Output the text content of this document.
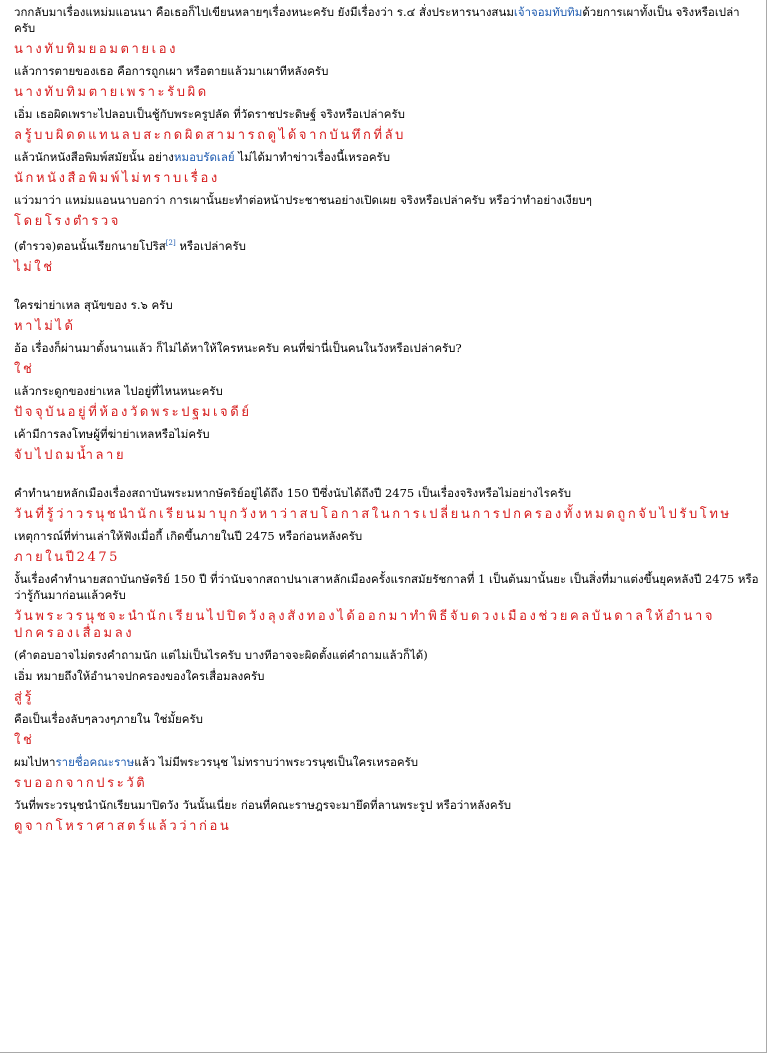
วกกลับมาเรื่องแหม่มแอนนา คือเธอก็ไปเขียนหลายๆเรื่องหนะครับ ยังมีเรื่องว่า ร.๔ สั่งประหารนางสนมเจ้าจอมทับทิมด้วยการเผาทั้งเป็น จริงหรือเปล่าครับ
นางทับทิมยอมตายเอง
แล้วการตายของเธอ คือการถูกเผา หรือตายแล้วมาเผาทีหลังครับ
นางทับทิมตายเพราะรับผิด
เอิ่ม เธอผิดเพราะไปลอบเป็นชู้กับพระครูปลัด ที่วัดราชประดิษฐ์ จริงหรือเปล่าครับ
ลรู้บบผิดดแทนลบสะกดผิดสามารถดูได้จากบันทึกที่ลับ
แล้วนักหนังสือพิมพ์สมัยนั้น อย่างหมอบรัดเลย์ ไม่ได้มาทำข่าวเรื่องนี้เหรอครับ
นักหนังสือพิมพ์ไม่ทราบเรื่อง
แว่วมาว่า แหม่มแอนนาบอกว่า การเผานั้นยะทำต่อหน้าประชาชนอย่างเปิดเผย จริงหรือเปล่าครับ หรือว่าทำอย่างเงียบๆ
โดยโรงตำรวจ
(ตำรวจ)ตอนนั้นเรียกนายโปริส[2] หรือเปล่าครับ
ไม่ใช่
ใครฆ่าย่าเหล สุนัขของ ร.๖ ครับ
หาไม่ได้
อ้อ เรื่องก็ผ่านมาตั้งนานแล้ว ก็ไม่ได้หาให้ใครหนะครับ คนที่ฆ่านี่เป็นคนในวังหรือเปล่าครับ?
ใช่
แล้วกระดูกของย่าเหล ไปอยู่ที่ไหนหนะครับ
ปัจจุบันอยู่ที่ห้องวัดพระปฐมเจดีย์
เค้ามีการลงโทษผู้ที่ฆ่าย่าเหลหรือไม่ครับ
จับไปถมน้ำลาย
คำทำนายหลักเมืองเรื่องสถาบันพระมหากษัตริย์อยู่ได้ถึง 150 ปีซึ่งนับได้ถึงปี 2475 เป็นเรื่องจริงหรือไม่อย่างไรครับ
วันที่รู้ว่าวรนุชนำนักเรียนมาบุกวังหาว่าสบโอกาสในการเปลี่ยนการปกครองทั้งหมดถูกจับไปรับโทษ
เหตุการณ์ที่ท่านเล่าให้ฟังเมื่อกี้ เกิดขึ้นภายในปี 2475 หรือก่อนหลังครับ
ภายในปี2475
งั้นเรื่องคำทำนายสถาบันกษัตริย์ 150 ปี ที่ว่านับจากสถาปนาเสาหลักเมืองครั้งแรกสมัยรัชกาลที่ 1 เป็นต้นมานั้นยะ เป็นสิ่งที่มาแต่งขึ้นยุคหลังปี 2475 หรือว่ารู้กันมาก่อนแล้วครับ
วันพระวรนุชจะนำนักเรียนไปปิดวังลุงสังทองได้ออกมาทำพิธีจับดวงเมืองช่วยคลบันดาลให้อำนาจปกครองเสื่อมลง
(คำตอบอาจไม่ตรงคำถามนัก แต่ไม่เป็นไรครับ บางทีอาจจะผิดตั้งแต่คำถามแล้วก็ได้)
เอิ่ม หมายถึงให้อำนาจปกครองของใครเสื่อมลงครับ
สู่รู้
คือเป็นเรื่องลับๆลวงๆภายใน ใช่มั้ยครับ
ใช่
ผมไปหารายชื่อคณะราษแล้ว ไม่มีพระวรนุช ไม่ทราบว่าพระวรนุชเป็นใครเหรอครับ
รบออกจากประวัติ
วันที่พระวรนุชนำนักเรียนมาปิดวัง วันนั้นเนี่ยะ ก่อนที่คณะราษฎรจะมายึดที่ลานพระรูป หรือว่าหลังครับ
ดูจากโหราศาสตร์แล้วว่าก่อน
